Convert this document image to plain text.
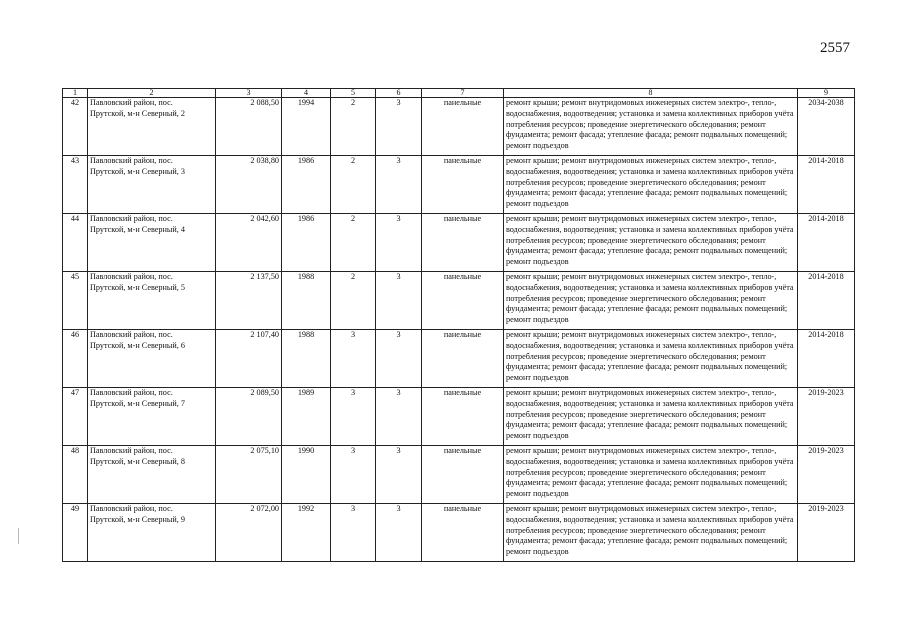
2557
1	2	3	4	5	6	7	8	9
42	Павловский район, пос.
Прутской, м-н Северный, 2	2 088,50	1994	2	3	панельные	ремонт крыши; ремонт внутридомовых инженерных систем электро-, тепло-, водоснабжения, водоотведения; установка и замена коллективных приборов учёта потребления ресурсов; проведение энергетического обследования; ремонт фундамента; ремонт фасада; утепление фасада; ремонт подвальных помещений; ремонт подъездов	2034-2038
43	Павловский район, пос.
Прутской, м-н Северный, 3	2 038,80	1986	2	3	панельные	ремонт крыши; ремонт внутридомовых инженерных систем электро-, тепло-, водоснабжения, водоотведения; установка и замена коллективных приборов учёта потребления ресурсов; проведение энергетического обследования; ремонт фундамента; ремонт фасада; утепление фасада; ремонт подвальных помещений; ремонт подъездов	2014-2018
44	Павловский район, пос.
Прутской, м-н Северный, 4	2 042,60	1986	2	3	панельные	ремонт крыши; ремонт внутридомовых инженерных систем электро-, тепло-, водоснабжения, водоотведения; установка и замена коллективных приборов учёта потребления ресурсов; проведение энергетического обследования; ремонт фундамента; ремонт фасада; утепление фасада; ремонт подвальных помещений; ремонт подъездов	2014-2018
45	Павловский район, пос.
Прутской, м-н Северный, 5	2 137,50	1988	2	3	панельные	ремонт крыши; ремонт внутридомовых инженерных систем электро-, тепло-, водоснабжения, водоотведения; установка и замена коллективных приборов учёта потребления ресурсов; проведение энергетического обследования; ремонт фундамента; ремонт фасада; утепление фасада; ремонт подвальных помещений; ремонт подъездов	2014-2018
46	Павловский район, пос.
Прутской, м-н Северный, 6	2 107,40	1988	3	3	панельные	ремонт крыши; ремонт внутридомовых инженерных систем электро-, тепло-, водоснабжения, водоотведения; установка и замена коллективных приборов учёта потребления ресурсов; проведение энергетического обследования; ремонт фундамента; ремонт фасада; утепление фасада; ремонт подвальных помещений; ремонт подъездов	2014-2018
47	Павловский район, пос.
Прутской, м-н Северный, 7	2 089,50	1989	3	3	панельные	ремонт крыши; ремонт внутридомовых инженерных систем электро-, тепло-, водоснабжения, водоотведения; установка и замена коллективных приборов учёта потребления ресурсов; проведение энергетического обследования; ремонт фундамента; ремонт фасада; утепление фасада; ремонт подвальных помещений; ремонт подъездов	2019-2023
48	Павловский район, пос.
Прутской, м-н Северный, 8	2 075,10	1990	3	3	панельные	ремонт крыши; ремонт внутридомовых инженерных систем электро-, тепло-, водоснабжения, водоотведения; установка и замена коллективных приборов учёта потребления ресурсов; проведение энергетического обследования; ремонт фундамента; ремонт фасада; утепление фасада; ремонт подвальных помещений; ремонт подъездов	2019-2023
49	Павловский район, пос.
Прутской, м-н Северный, 9	2 072,00	1992	3	3	панельные	ремонт крыши; ремонт внутридомовых инженерных систем электро-, тепло-, водоснабжения, водоотведения; установка и замена коллективных приборов учёта потребления ресурсов; проведение энергетического обследования; ремонт фундамента; ремонт фасада; утепление фасада; ремонт подвальных помещений; ремонт подъездов	2019-2023
